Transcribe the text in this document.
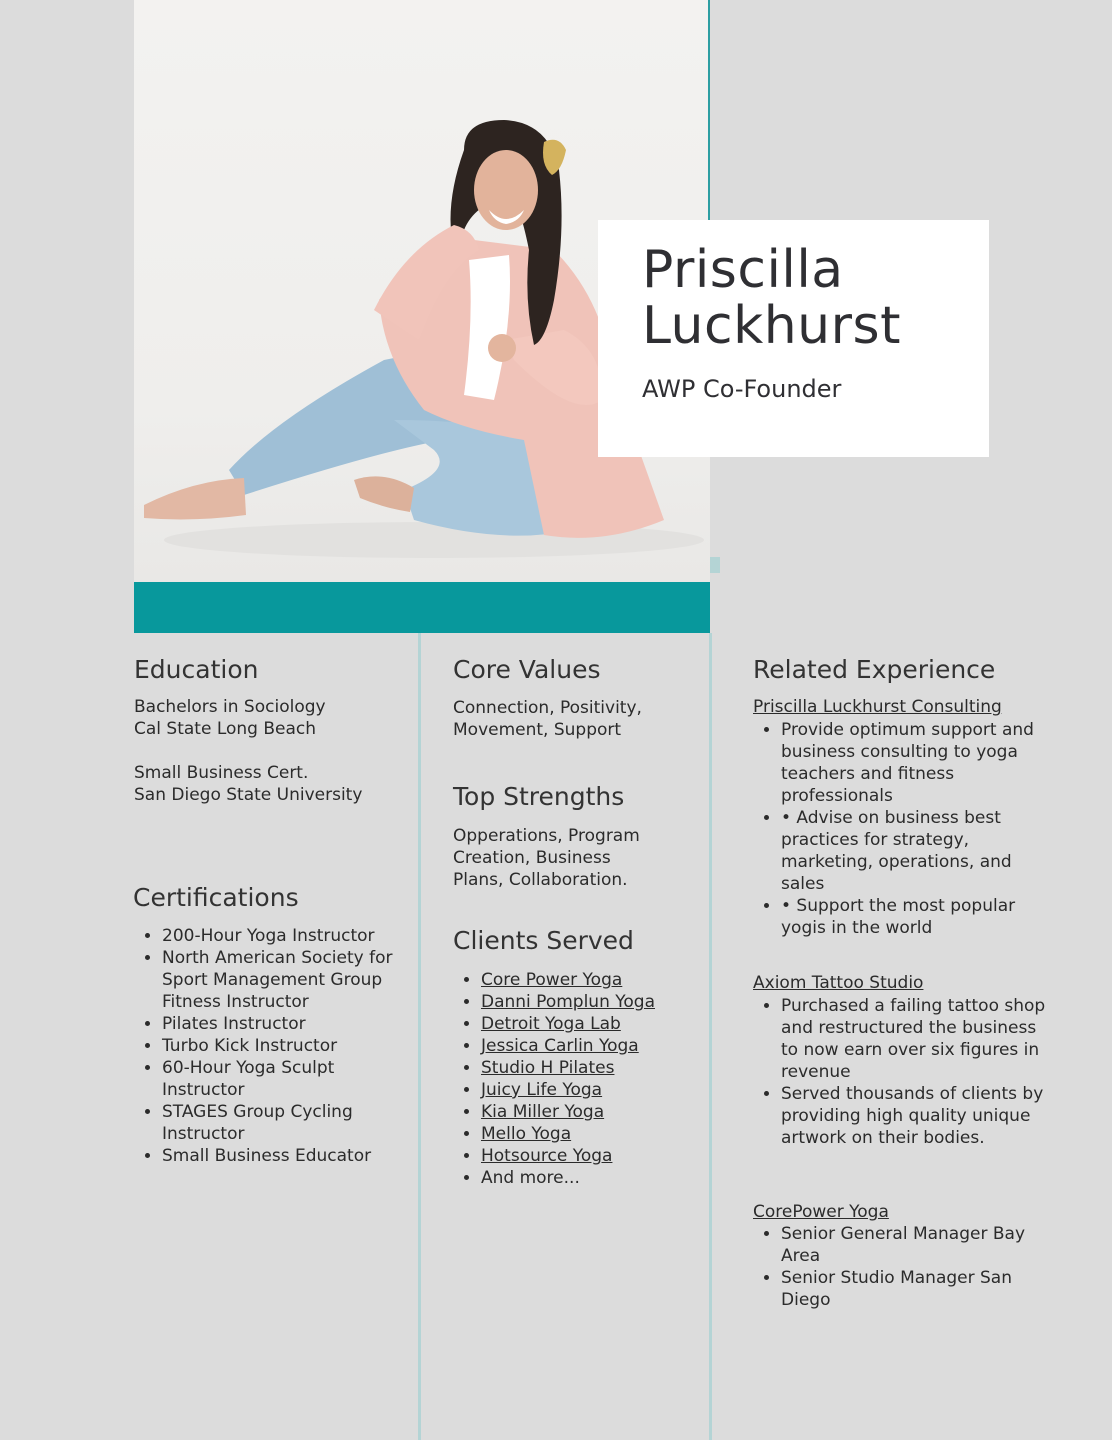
Priscilla
Luckhurst
AWP Co-Founder
Education
Bachelors in Sociology
Cal State Long Beach
Small Business Cert.
San Diego State University
Certifications
• 200-Hour Yoga Instructor
• North American Society for Sport Management Group Fitness Instructor
• Pilates Instructor
• Turbo Kick Instructor
• 60-Hour Yoga Sculpt Instructor
• STAGES Group Cycling Instructor
• Small Business Educator
Core Values
Connection, Positivity,
Movement, Support
Top Strengths
Opperations, Program
Creation, Business
Plans, Collaboration.
Clients Served
• Core Power Yoga
• Danni Pomplun Yoga
• Detroit Yoga Lab
• Jessica Carlin Yoga
• Studio H Pilates
• Juicy Life Yoga
• Kia Miller Yoga
• Mello Yoga
• Hotsource Yoga
• And more...
Related Experience
Priscilla Luckhurst Consulting
• Provide optimum support and business consulting to yoga teachers and fitness professionals
• • Advise on business best practices for strategy, marketing, operations, and sales
• • Support the most popular yogis in the world
Axiom Tattoo Studio
• Purchased a failing tattoo shop and restructured the business to now earn over six figures in revenue
• Served thousands of clients by providing high quality unique artwork on their bodies.
CorePower Yoga
• Senior General Manager Bay Area
• Senior Studio Manager San Diego
